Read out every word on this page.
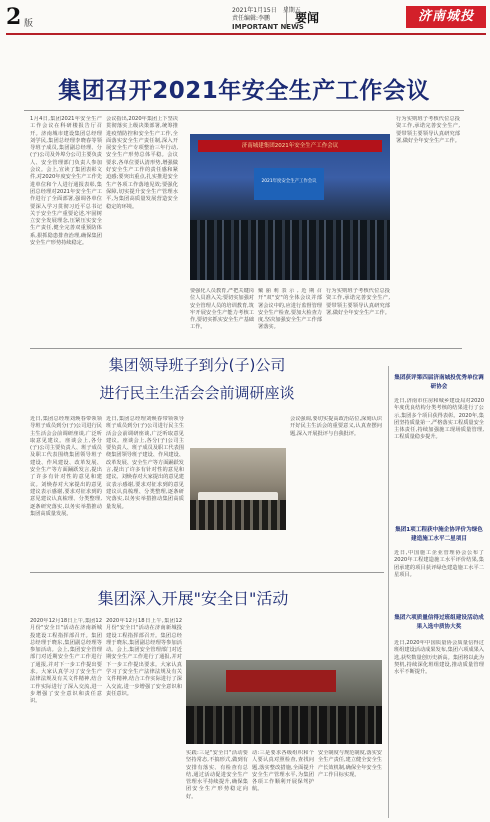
2 版
2021年1月15日　星期五
责任编辑:李鹏
IMPORTANT NEWS
要闻	济南城投
集团召开2021年安全生产工作会议
1月4日,集团2021年安全生产工作会议在科研楼报告厅召开。济南城市建设集团总经理刘学民,集团总经理李晓春等领导班子成员,集团副总经理、分(子)公司及外埠分公司主要负责人、安全管理部门负责人参加会议。会上,宣读了集团表彰文件,对2020年度安全生产工作先进单位和个人进行通报表彰,集团总经理对2021年安全生产工作进行了全面部署,强调各单位要深入学习贯彻习近平总书记关于安全生产重要论述,牢固树立安全发展理念,压紧压实安全生产责任,健全完善双重预防体系,狠抓隐患排查治理,确保集团安全生产形势持续稳定。
会议指出,2020年集团上下坚决贯彻落实上级决策部署,统筹推进疫情防控和安全生产工作,全面落实安全生产责任制,深入开展安全生产专项整治三年行动,安全生产形势总体平稳。会议要求,各单位要认清形势,增强做好安全生产工作的责任感和紧迫感;要突出重点,扎实推进安全生产各项工作落地见效;要强化保障,切实提升安全生产管理水平,为集团高质量发展营造安全稳定的环境。
济南城建集团2021年安全生产工作会议
2021年度安全生产工作会议
要强化人员教育,严把关键岗位人员准入关;要切实加强对安全管理人员的培训教育,筑牢开展安全生产能力考核工作,要切实抓实安全生产基础工作。
戴丽莉表示,近期召开"双"安"的全体会议并部署会议中的,应进行监督管理安全生产检查,要加大检查力度,坚决加强安全生产工作部署落实。
行为实则班子考核代位总投资工作,承诺完善安全生产,要带领主要领导认真研究部署,做好全年安全生产工作。
行为实则班子考核代位总投资工作,承诺完善安全生产,要带领主要领导认真研究部署,做好全年安全生产工作。
集团领导班子到分(子)公司
进行民主生活会会前调研座谈
近日,集团总经理刘焕春带领领导班子成员到分(子)公司进行民主生活会会前调研座谈,广泛听取意见建议。座谈会上,各分(子)公司主要负责人、班子成员及职工代表围绕集团领导班子建设、作风建设、改革发展、安全生产等方面踊跃发言,提出了许多有针对性的意见和建议。刘焕春对大家提出的意见建议表示感谢,要求对征求到的意见建议认真梳理、分类整理,逐条研究落实,以务实举措推动集团高质量发展。
近日,集团总经理刘焕春带领领导班子成员到分(子)公司进行民主生活会会前调研座谈,广泛听取意见建议。座谈会上,各分(子)公司主要负责人、班子成员及职工代表围绕集团领导班子建设、作风建设、改革发展、安全生产等方面踊跃发言,提出了许多有针对性的意见和建议。刘焕春对大家提出的意见建议表示感谢,要求对征求到的意见建议认真梳理、分类整理,逐条研究落实,以务实举措推动集团高质量发展。
会议强调,要切实提高政治站位,深刻认识开好民主生活会的重要意义,认真查摆问题,深入开展批评与自我批评。
集团深入开展"安全日"活动
2020年12月18日上午,集团12月份"安全日"活动在济南新城投建设工程指挥部召开。集团总经理于晓东,集团副总经理等参加活动。会上,集团安全管理部门对近期安全生产工作进行了通报,并对下一步工作提出要求。大家认真学习了安全生产法律法规及有关文件精神,结合工作实际进行了深入交流,进一步增强了安全意识和责任意识。
2020年12月18日上午,集团12月份"安全日"活动在济南新城投建设工程指挥部召开。集团总经理于晓东,集团副总经理等参加活动。会上,集团安全管理部门对近期安全生产工作进行了通报,并对下一步工作提出要求。大家认真学习了安全生产法律法规及有关文件精神,结合工作实际进行了深入交流,进一步增强了安全意识和责任意识。
实践:三是"安全日"活动要坚持常态,不搞形式,做到有安排有落实、有检查有总结,通过活动促进安全生产管理水平持续提升,确保集团安全生产形势稳定向好。
动:三是要求各级组织和个人要认真对照检查,查找问题,落实整改措施,全面提升安全生产管理水平,为集团各项工作顺利开展保驾护航。
安全制度与规范制度,落实安全生产责任,建立健全安全生产长效机制,确保全年安全生产工作目标实现。
集团获评第四届济南城投优秀单位调研协会
近日,济南市住房和城乡建设局对2020年度优良结构分类考核的结果进行了公示,集团多个项目获得表彰。2020年,集团坚持质量第一,严格落实工程质量安全主体责任,持续加强施工现场质量管理,工程质量稳步提升。
集团1项工程获中施企协评价为绿色建造施工水平二星项目
近日,中国施工企业管理协会公布了2020年工程建造施工水平评价结果,集团承建的项目获评绿色建造施工水平二星项目。
集团六项质量信得过班组建设活动成果入选中质协大奖
近日,2020年中国质量协会质量信得过班组建设活动成果发布,集团六项成果入选,获奖数量创历史新高。集团将以此为契机,持续深化班组建设,推动质量管理水平不断提升。
